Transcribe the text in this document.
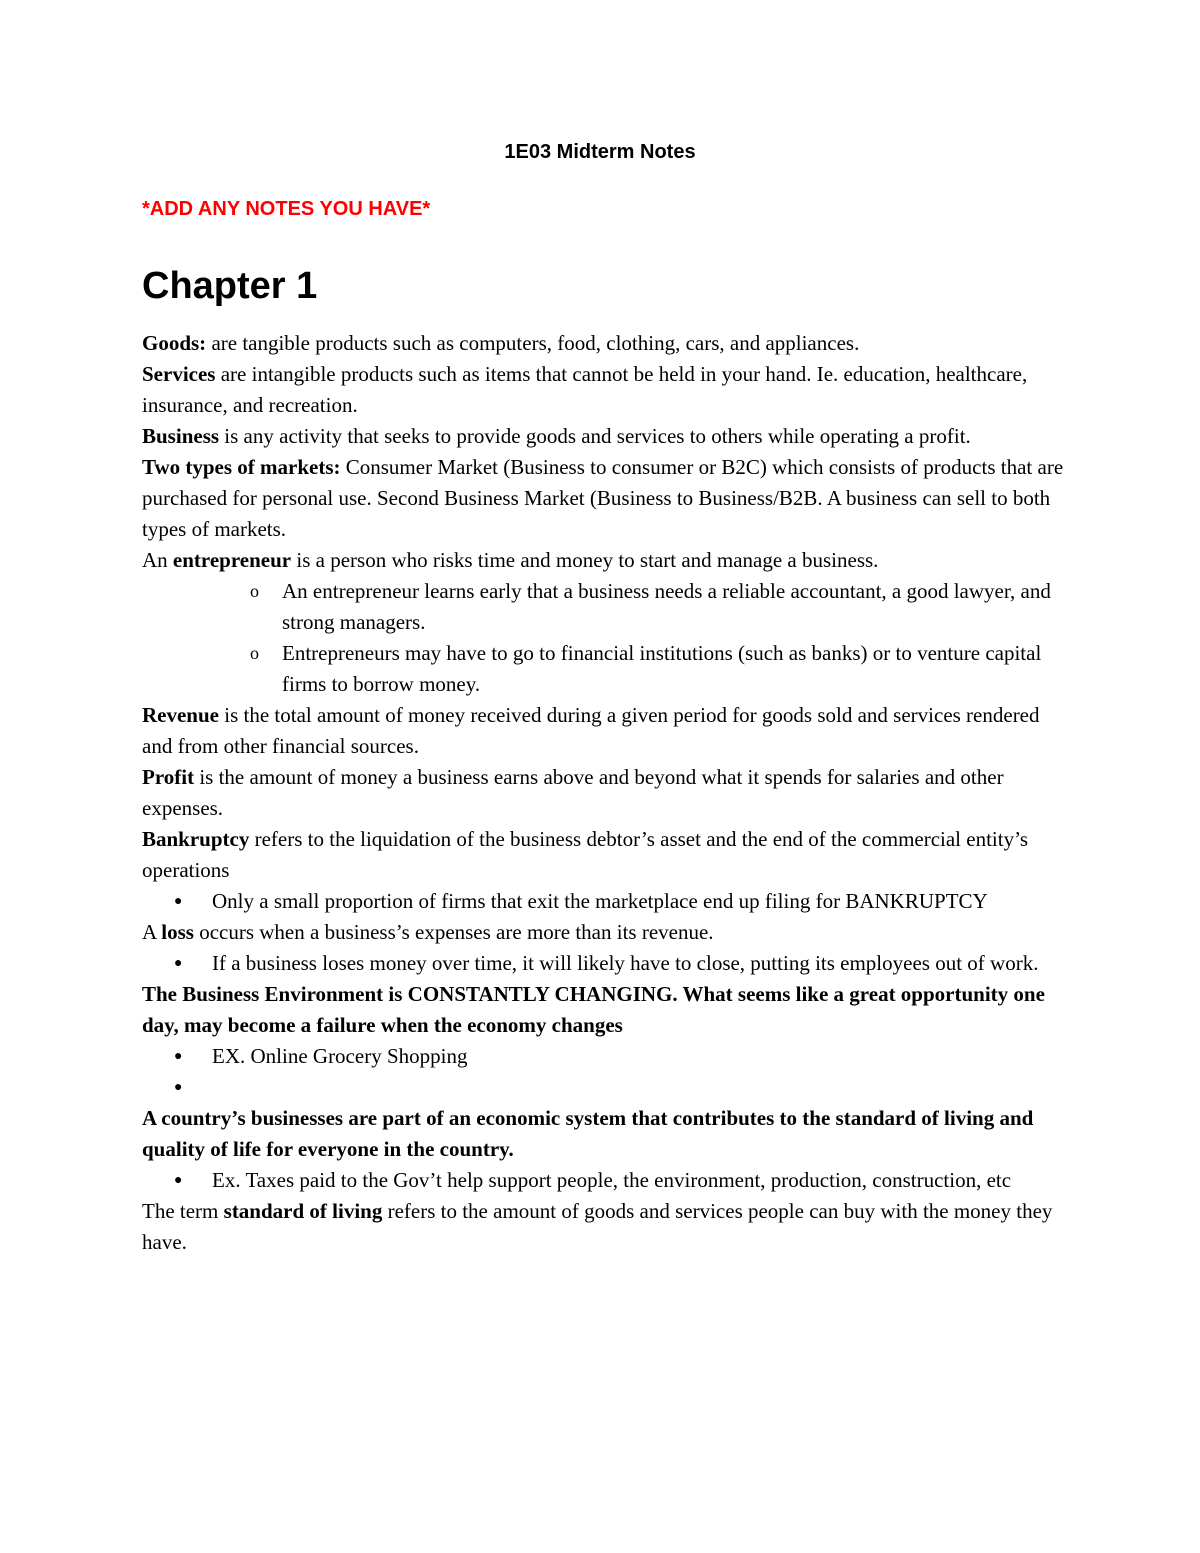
1E03 Midterm Notes
*ADD ANY NOTES YOU HAVE*
Chapter 1

Goods: are tangible products such as computers, food, clothing, cars, and appliances.

Services are intangible products such as items that cannot be held in your hand. Ie. education, healthcare, insurance, and recreation.

Business is any activity that seeks to provide goods and services to others while operating a profit.

Two types of markets: Consumer Market (Business to consumer or B2C) which consists of products that are purchased for personal use. Second Business Market (Business to Business/B2B. A business can sell to both types of markets.

An entrepreneur is a person who risks time and money to start and manage a business.

o An entrepreneur learns early that a business needs a reliable accountant, a good lawyer, and strong managers.
o Entrepreneurs may have to go to financial institutions (such as banks) or to venture capital firms to borrow money.

Revenue is the total amount of money received during a given period for goods sold and services rendered and from other financial sources.

Profit is the amount of money a business earns above and beyond what it spends for salaries and other expenses.

Bankruptcy refers to the liquidation of the business debtor’s asset and the end of the commercial entity’s operations

● Only a small proportion of firms that exit the marketplace end up filing for BANKRUPTCY

A loss occurs when a business’s expenses are more than its revenue.

● If a business loses money over time, it will likely have to close, putting its employees out of work.

The Business Environment is CONSTANTLY CHANGING. What seems like a great opportunity one day, may become a failure when the economy changes

● EX. Online Grocery Shopping
●

A country’s businesses are part of an economic system that contributes to the standard of living and quality of life for everyone in the country.

● Ex. Taxes paid to the Gov’t help support people, the environment, production, construction, etc

The term standard of living refers to the amount of goods and services people can buy with the money they have.
